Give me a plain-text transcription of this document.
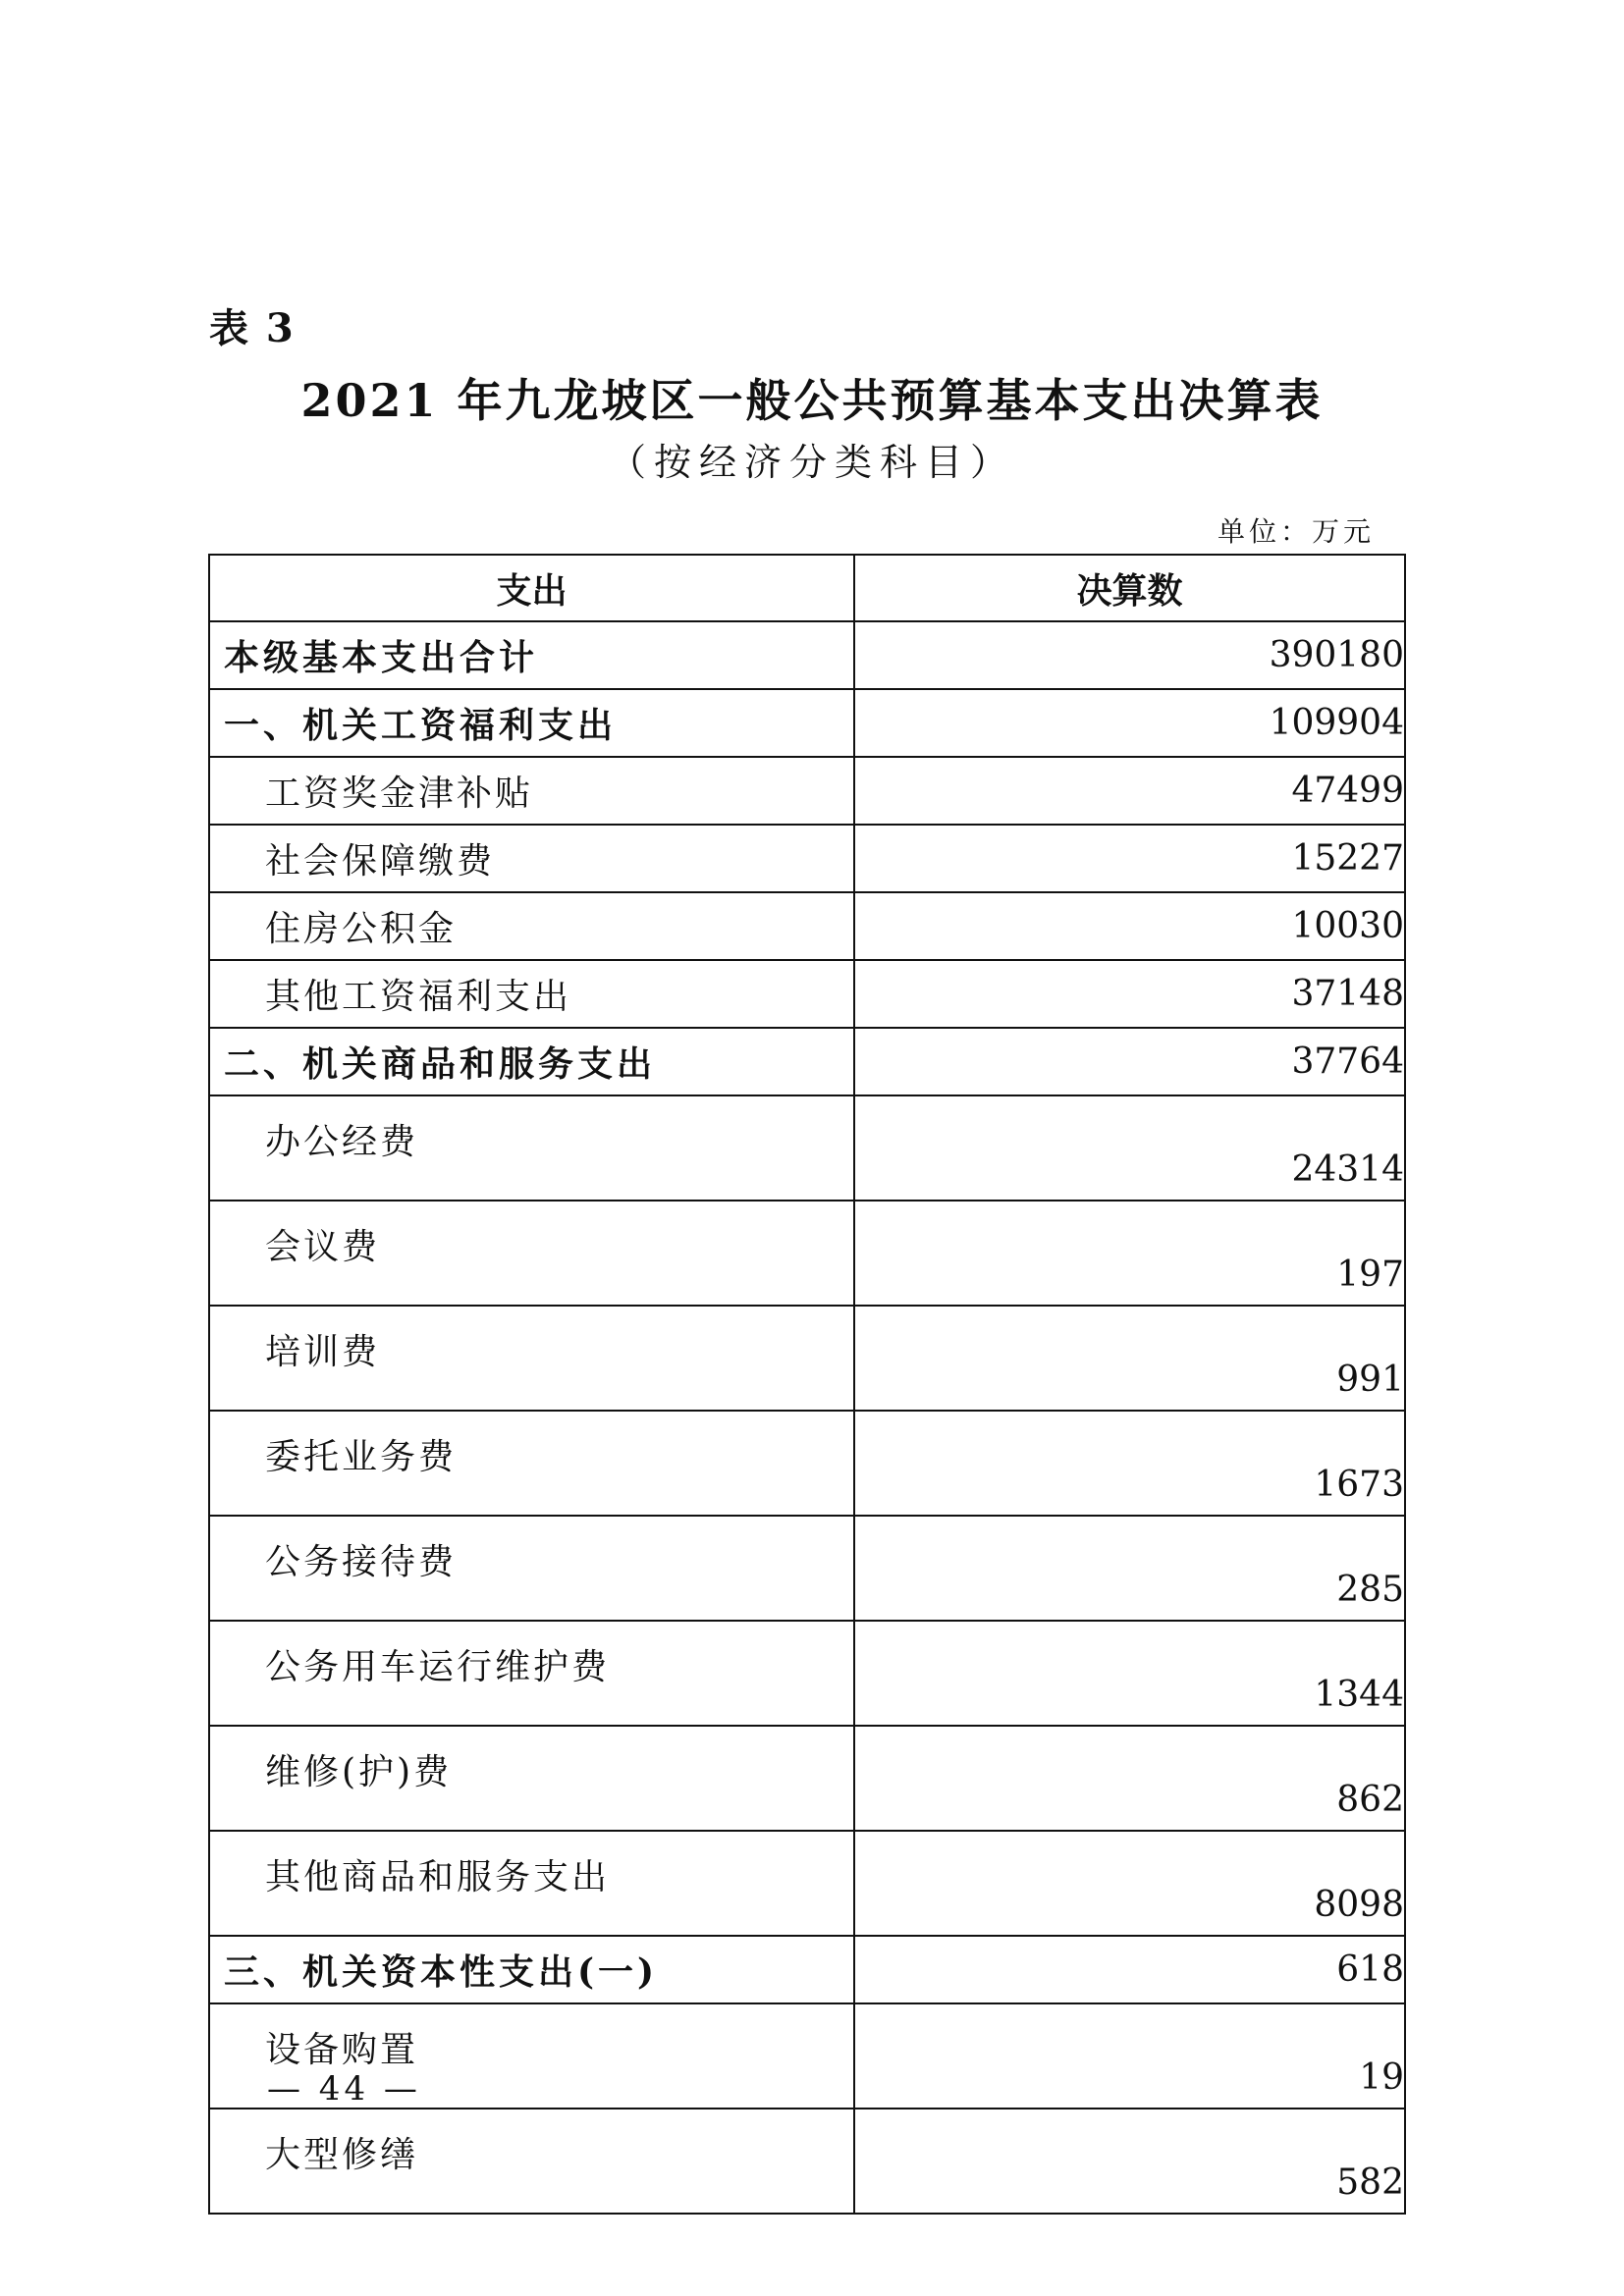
表 3
2021 年九龙坡区一般公共预算基本支出决算表
（按经济分类科目）
单位：万元
支出	决算数
本级基本支出合计	390180
一、机关工资福利支出	109904
工资奖金津补贴	47499
社会保障缴费	15227
住房公积金	10030
其他工资福利支出	37148
二、机关商品和服务支出	37764
办公经费	24314
会议费	197
培训费	991
委托业务费	1673
公务接待费	285
公务用车运行维护费	1344
维修(护)费	862
其他商品和服务支出	8098
三、机关资本性支出(一)	618
设备购置	19
大型修缮	582
— 44 —
